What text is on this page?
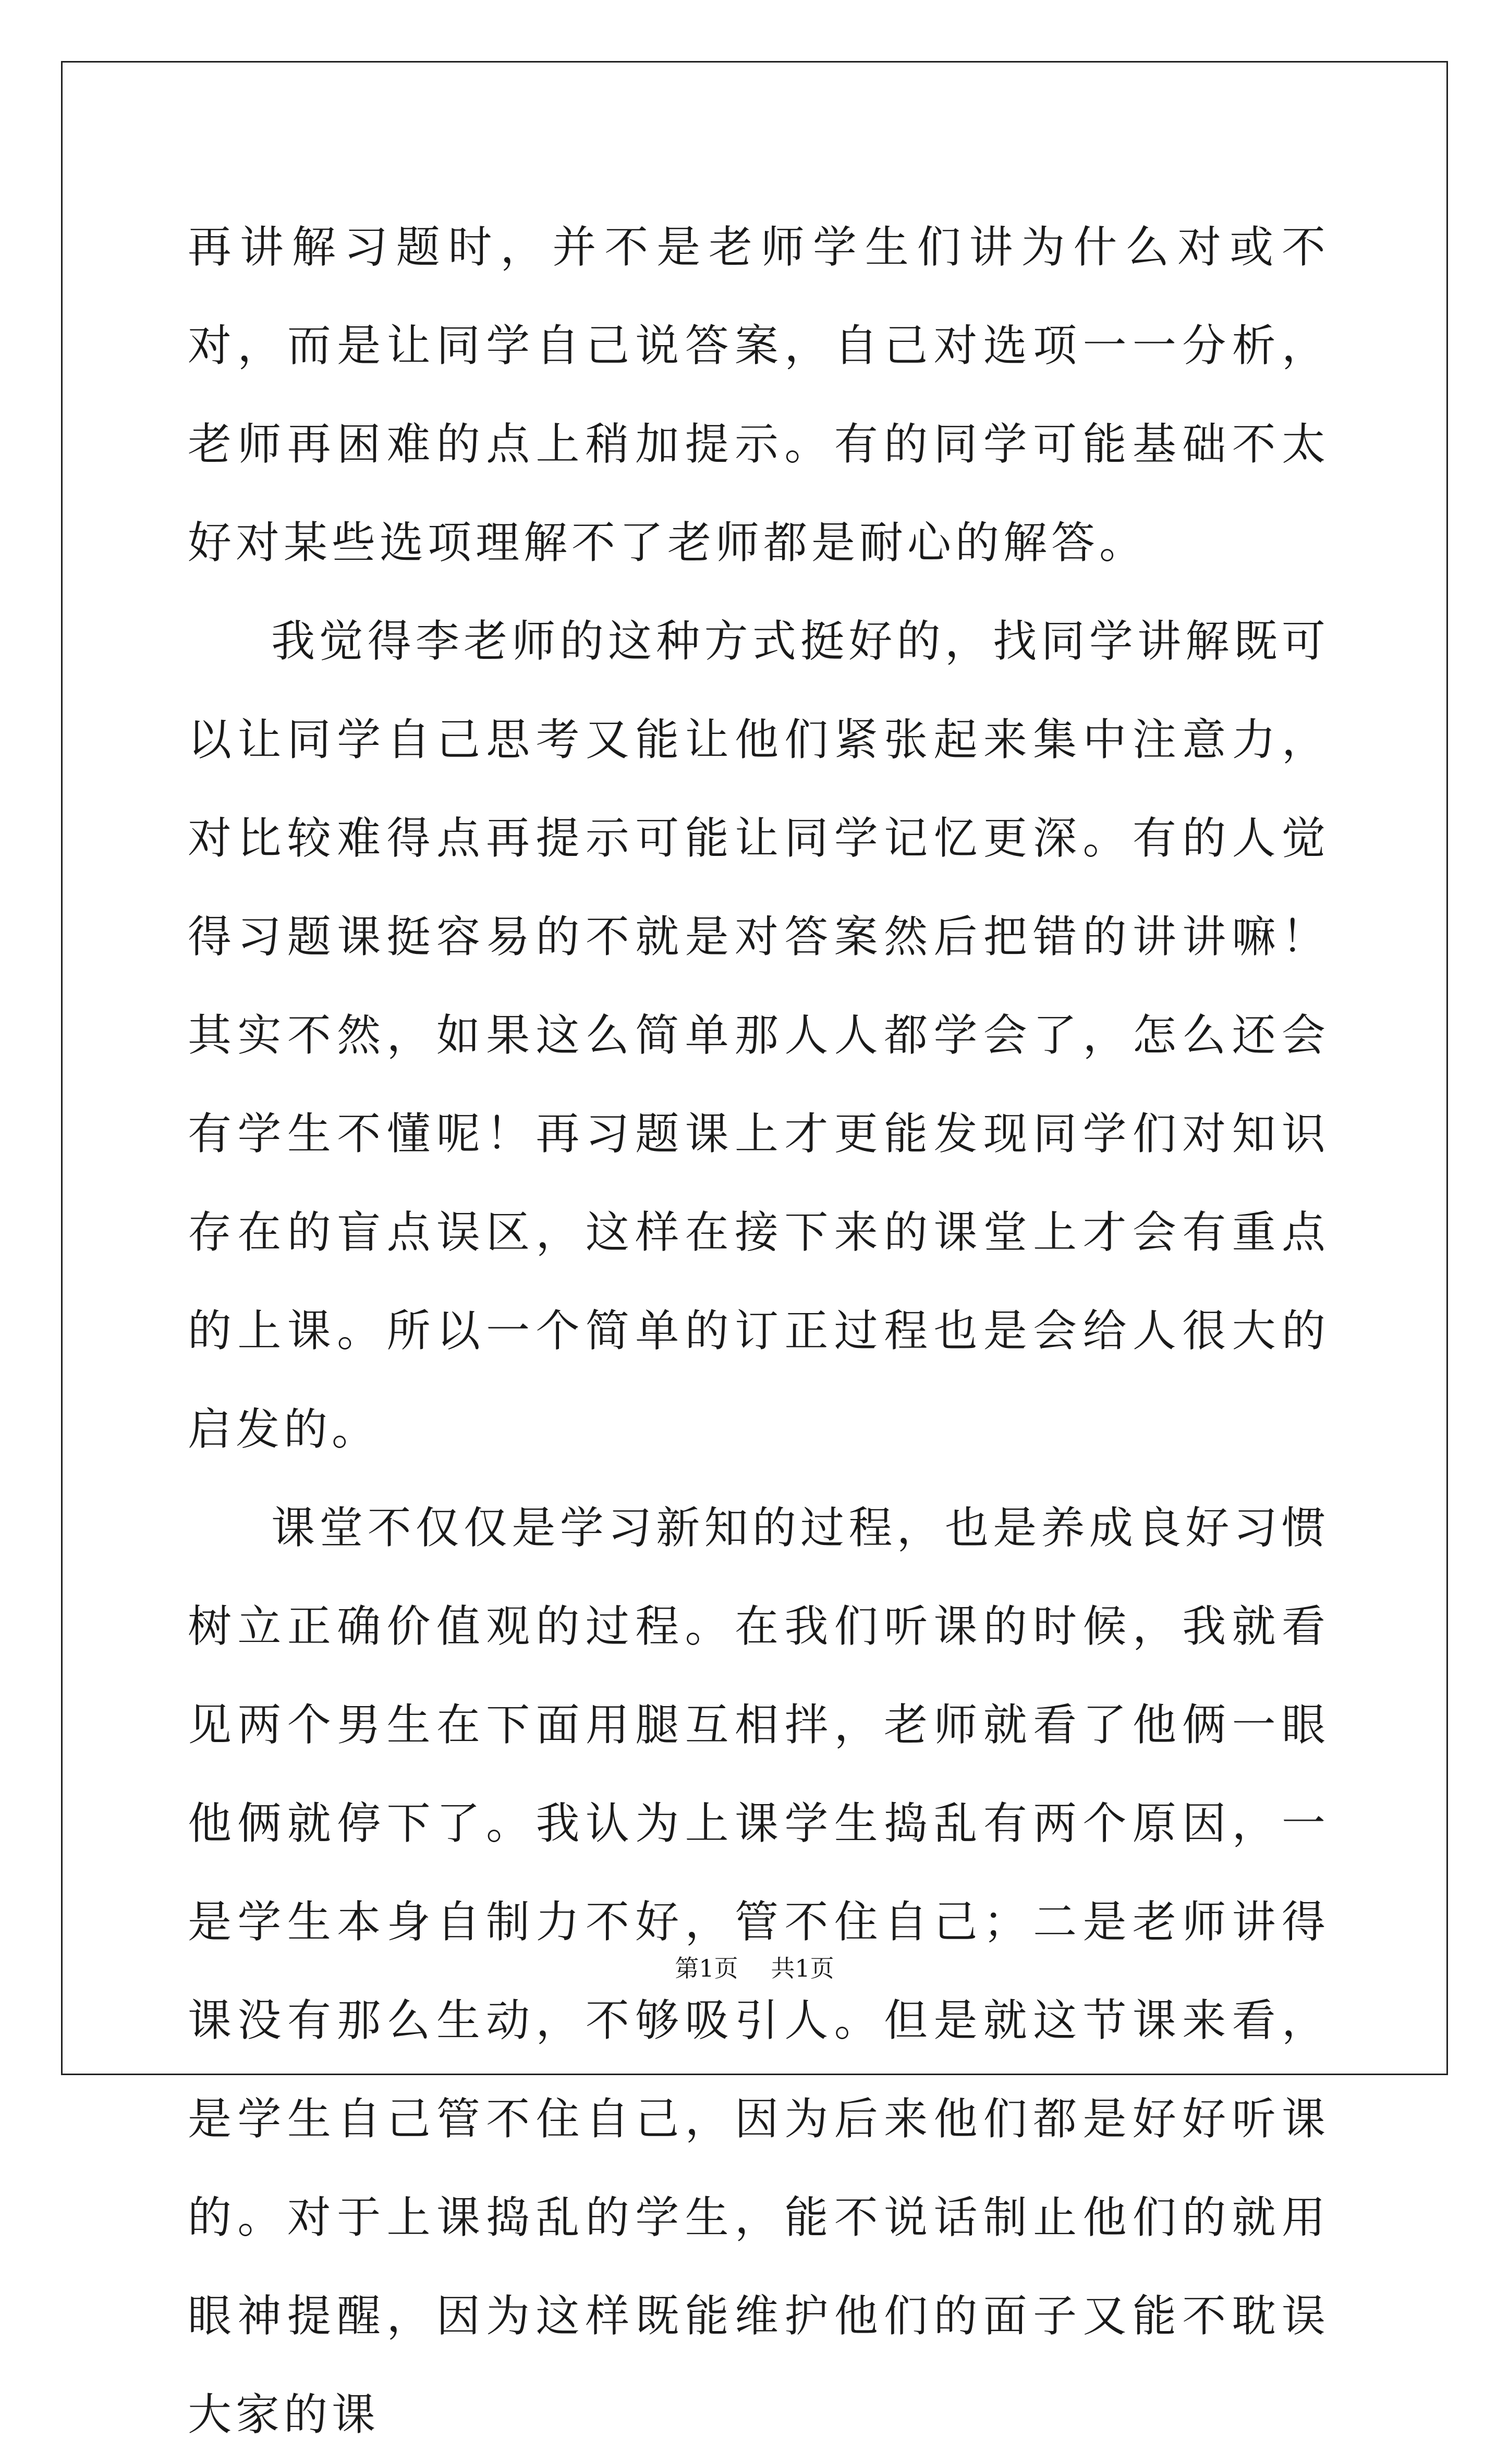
再讲解习题时，并不是老师学生们讲为什么对或不对，而是让同学自己说答案，自己对选项一一分析，老师再困难的点上稍加提示。有的同学可能基础不太好对某些选项理解不了老师都是耐心的解答。

我觉得李老师的这种方式挺好的，找同学讲解既可以让同学自己思考又能让他们紧张起来集中注意力，对比较难得点再提示可能让同学记忆更深。有的人觉得习题课挺容易的不就是对答案然后把错的讲讲嘛！其实不然，如果这么简单那人人都学会了，怎么还会有学生不懂呢！再习题课上才更能发现同学们对知识存在的盲点误区，这样在接下来的课堂上才会有重点的上课。所以一个简单的订正过程也是会给人很大的启发的。

课堂不仅仅是学习新知的过程，也是养成良好习惯树立正确价值观的过程。在我们听课的时候，我就看见两个男生在下面用腿互相拌，老师就看了他俩一眼他俩就停下了。我认为上课学生捣乱有两个原因，一是学生本身自制力不好，管不住自己；二是老师讲得课没有那么生动，不够吸引人。但是就这节课来看，是学生自己管不住自己，因为后来他们都是好好听课的。对于上课捣乱的学生，能不说话制止他们的就用眼神提醒，因为这样既能维护他们的面子又能不耽误大家的课

第1页 共1页
